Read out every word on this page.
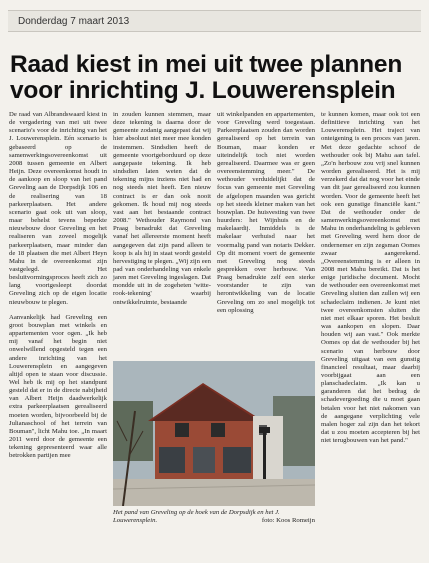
Donderdag 7 maart 2013
Raad kiest in mei uit twee plannen
voor inrichting J. Louwerensplein

De raad van Albrandswaard kiest in de vergadering van mei uit twee scenario's voor de inrichting van het J. Louwerensplein. Eén scenario is gebaseerd op de samenwerkingsovereenkomst uit 2008 tussen gemeente en Albert Heijn. Deze overeenkomst houdt in de aankoop en sloop van het pand Greveling aan de Dorpsdijk 106 en de realisering van 18 parkeerplaatsen. Het andere scenario gaat ook uit van sloop, maar behelst tevens beperkte nieuwbouw door Greveling en het realiseren van zoveel mogelijk parkeerplaatsen, maar minder dan de 18 plaatsen die met Albert Heyn Mahu in de overeenkomst zijn vastgelegd. Het besluitvormingsproces heeft zich zo lang voortgesleept doordat Greveling zich op de eigen locatie nieuwbouw te plegen.

Aanvankelijk had Greveling een groot bouwplan met winkels en appartementen voor ogen. „Ik heb mij vanaf het begin niet onwelwillend opgesteld tegen een andere inrichting van het Louwerensplein en aangegeven altijd open te staan voor discussie. Wel heb ik mij op het standpunt gesteld dat er in de directe nabijheid van Albert Heijn daadwerkelijk extra parkeerplaatsen gerealiseerd moeten worden, bijvoorbeeld bij de Julianaschool of het terrein van Bouman", licht Mahu toe. „In maart 2011 werd door de gemeente een tekening gepresenteerd waar alle betrokken partijen mee

in zouden kunnen stemmen, maar deze tekening is daarna door de gemeente zodanig aangepast dat wij hier absoluut niet meer mee konden instemmen. Sindsdien heeft de gemeente voortgeborduurd op deze aangepaste tekening. Ik heb sindsdien laten weten dat de tekening mijns inziens niet had en nog steeds niet heeft. Een nieuw contract is er dan ook nooit gekomen. Ik houd mij nog steeds vast aan het bestaande contract 2008." Wethouder Raymond van Praag benadrukt dat Greveling vanaf het allereerste moment heeft aangegeven dat zijn pand alleen te koop is als hij in staat wordt gesteld hervestiging te plegen. „Wij zijn een pad van onderhandeling van enkele jaren met Greveling ingeslagen. Dat mondde uit in de zogeheten 'witte-rook-tekening' waarbij ontwikkelruimte, bestaande

uit winkelpanden en appartementen, voor Greveling werd toegestaan. Parkeerplaatsen zouden dan worden gerealiseerd op het terrein van Bouman, maar konden er uiteindelijk toch niet worden gerealiseerd. Daarmee was er geen overeenstemming meer." De wethouder verduidelijkt dat de focus van gemeente met Greveling de afgelopen maanden was gericht op het steeds kleiner maken van het bouwplan. De huisvesting van twee huurders: het Wijnhuis en de makelaardij. Inmiddels is de makelaar verhuisd naar het voormalig pand van notaris Dekker. Op dit moment voert de gemeente met Greveling nog steeds gesprekken over herbouw. Van Praag benadrukte zelf een sterke voorstander te zijn van herontwikkeling van de locatie Greveling om zo snel mogelijk tot een oplossing

te kunnen komen, maar ook tot een definitieve inrichting van het Louwerensplein. Het traject van onteigening is een proces van jaren. Met deze gedachte schoof de wethouder ook bij Mahu aan tafel. „Zo'n herbouw zou vrij snel kunnen worden gerealiseerd. Het is mij verzekerd dat dat nog voor het einde van dit jaar gerealiseerd zou kunnen worden. Voor de gemeente heeft het ook een gunstige financiële kant." Dat de wethouder onder de samenwerkingsovereenkomst met Mahu in onderhandeling is gebleven met Greveling werd hem door de ondernemer en zijn zegsman Oomes zwaar aangerekend. „Overeenstemming is er alleen in 2008 met Mahu bereikt. Dat is het enige juridische document. Mocht de wethouder een overeenkomst met Greveling sluiten dan zullen wij een schadeclaim indienen. Je kunt niet twee overeenkomsten sluiten die niet met elkaar sporen. Het besluit was aankopen en slopen. Daar houden wij aan vast." Ook merkte Oomes op dat de wethouder bij het scenario van herbouw door Greveling uitgaat van een gunstig financieel resultaat, maar daarbij voorbijgaat aan een planschadeclaim. „Ik kan u garanderen dat het bedrag de schadevergoeding die u moet gaan betalen voor het niet nakomen van de aangegane verplichting vele malen hoger zal zijn dan het tekort dat u zou moeten accepteren bij het niet terugbouwen van het pand."

Het pand van Greveling op de hoek van de Dorpsdijk en het J. Louwerensplein.	foto: Koos Romeijn
